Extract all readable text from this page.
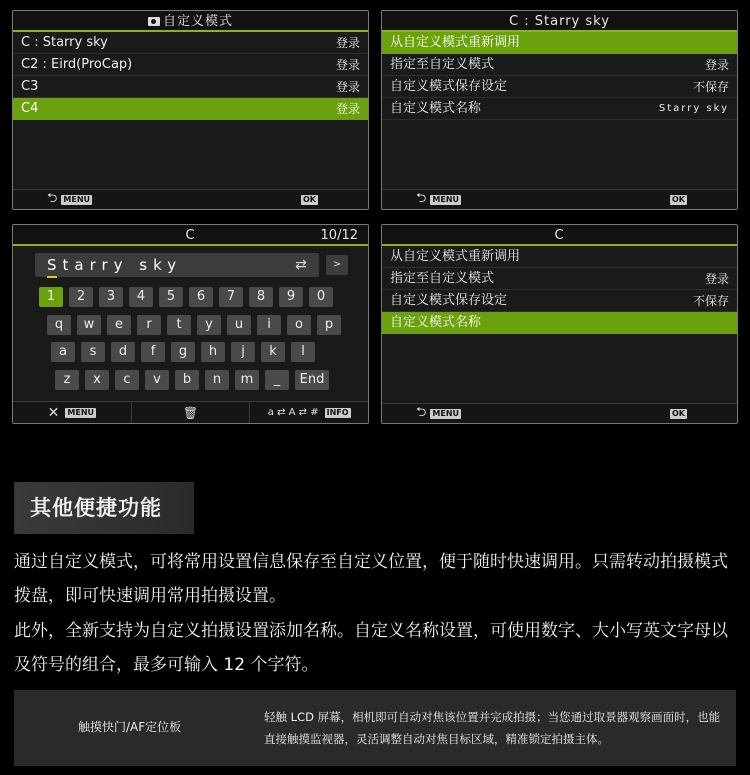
自定义模式
C : Starry sky	登录
C2 : Eird(ProCap)	登录
C3	登录
C4	登录
⮌ MENU	OK
C : Starry sky
从自定义模式重新调用
指定至自定义模式	登录
自定义模式保存设定	不保存
自定义模式名称	Starry sky
⮌ MENU	OK
C	10/12
Starry sky	⇄	>
1	2	3	4	5	6	7	8	9	0
q	w	e	r	t	y	u	i	o	p
a	s	d	f	g	h	j	k	l
z	x	c	v	b	n	m	_	End
✕ MENU	🗑	a ⇄ A ⇄ # INFO
C
从自定义模式重新调用
指定至自定义模式	登录
自定义模式保存设定	不保存
自定义模式名称
⮌ MENU	OK
其他便捷功能
通过自定义模式，可将常用设置信息保存至自定义位置，便于随时快速调用。只需转动拍摄模式拨盘，即可快速调用常用拍摄设置。
此外，全新支持为自定义拍摄设置添加名称。自定义名称设置，可使用数字、大小写英文字母以及符号的组合，最多可输入 12 个字符。
触摸快门/AF定位板
轻触 LCD 屏幕，相机即可自动对焦该位置并完成拍摄；当您通过取景器观察画面时，也能直接触摸监视器，灵活调整自动对焦目标区域，精准锁定拍摄主体。
